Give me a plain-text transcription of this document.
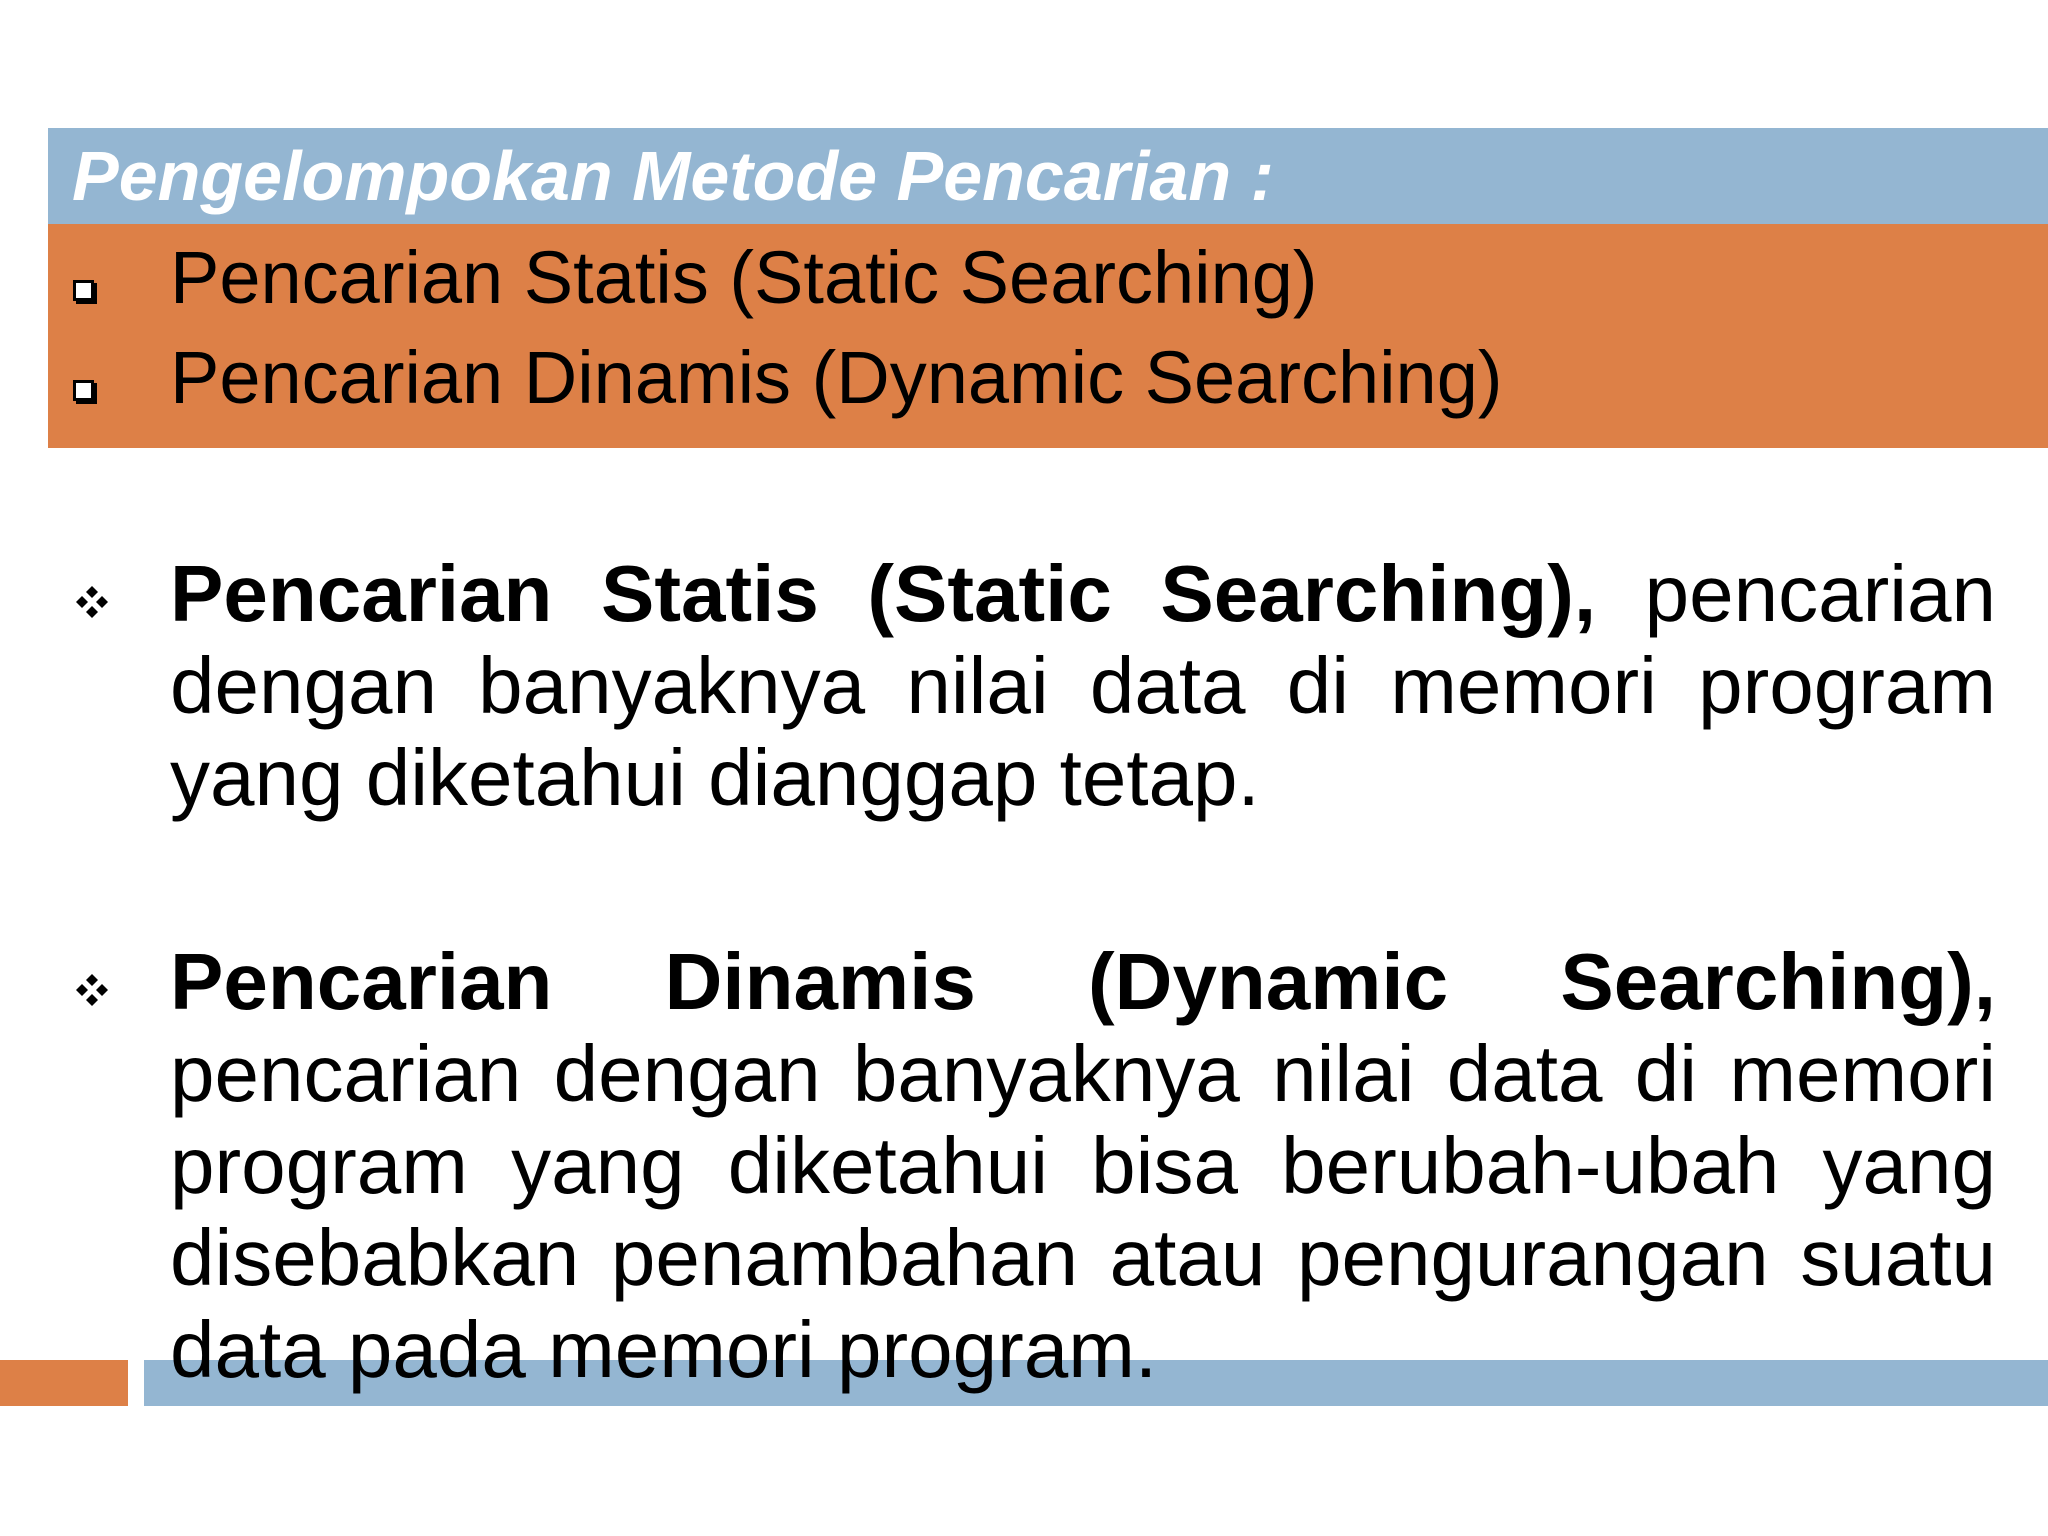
Pengelompokan Metode Pencarian :
Pencarian Statis (Static Searching)
Pencarian Dinamis (Dynamic Searching)

Pencarian Statis (Static Searching), pencarian dengan banyaknya nilai data di memori program yang diketahui dianggap tetap.

Pencarian Dinamis (Dynamic Searching), pencarian dengan banyaknya nilai data di memori program yang diketahui bisa berubah-ubah yang disebabkan penambahan atau pengurangan suatu data pada memori program.
